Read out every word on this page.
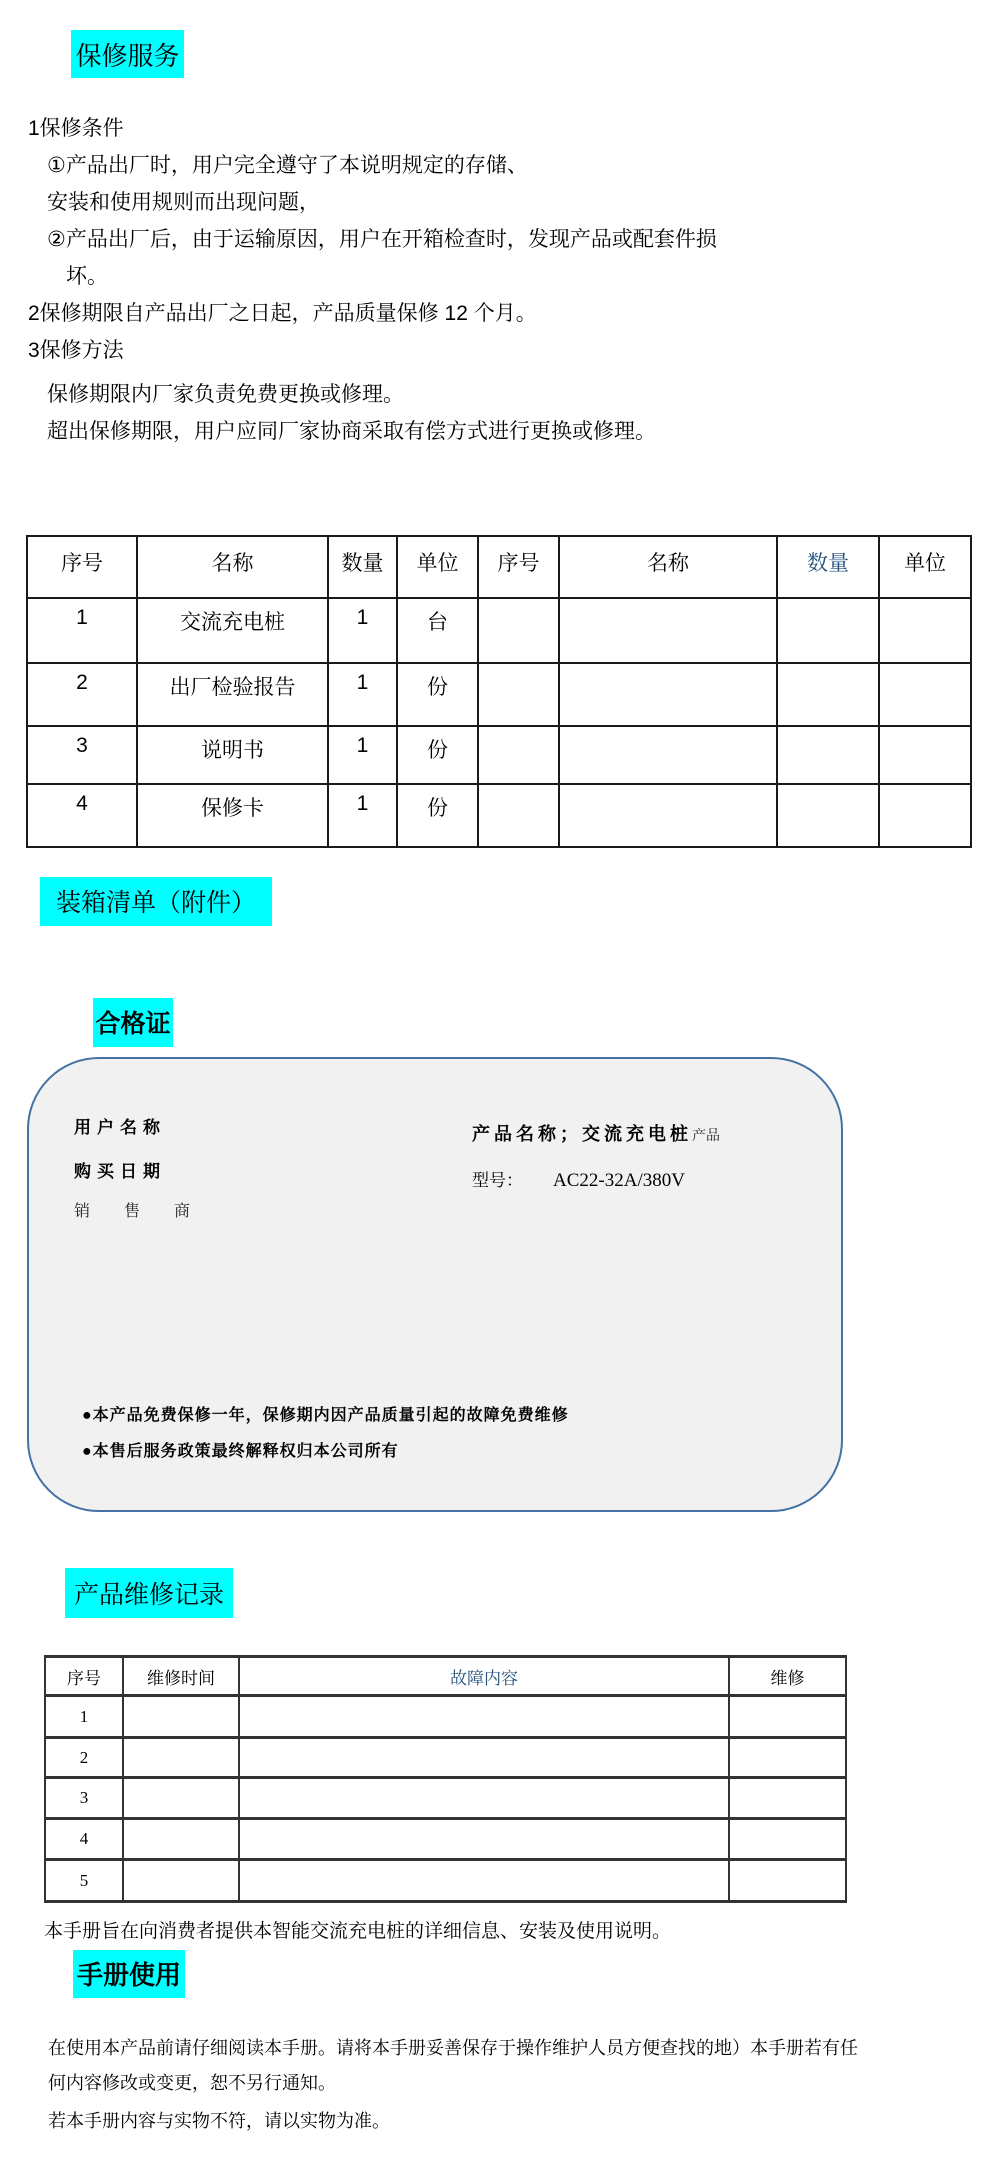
保修服务
1保修条件
①产品出厂时，用户完全遵守了本说明规定的存储、
安装和使用规则而出现问题，
②产品出厂后，由于运输原因，用户在开箱检查时，发现产品或配套件损
坏。
2保修期限自产品出厂之日起，产品质量保修 12 个月。
3保修方法
保修期限内厂家负责免费更换或修理。
超出保修期限，用户应同厂家协商采取有偿方式进行更换或修理。
序号	名称	数量	单位	序号	名称	数量	单位
1	交流充电桩	1	台				
2	出厂检验报告	1	份				
3	说明书	1	份				
4	保修卡	1	份				
装箱清单（附件）
合格证
用户名称
购买日期
销 售 商
产品名称；交流充电桩产品
型号： AC22-32A/380V
●本产品免费保修一年，保修期内因产品质量引起的故障免费维修
●本售后服务政策最终解释权归本公司所有
产品维修记录
序号	维修时间	故障内容	维修
1			
2			
3			
4			
5			
本手册旨在向消费者提供本智能交流充电桩的详细信息、安装及使用说明。
手册使用
在使用本产品前请仔细阅读本手册。请将本手册妥善保存于操作维护人员方便查找的地）本手册若有任
何内容修改或变更，恕不另行通知。
若本手册内容与实物不符，请以实物为准。
